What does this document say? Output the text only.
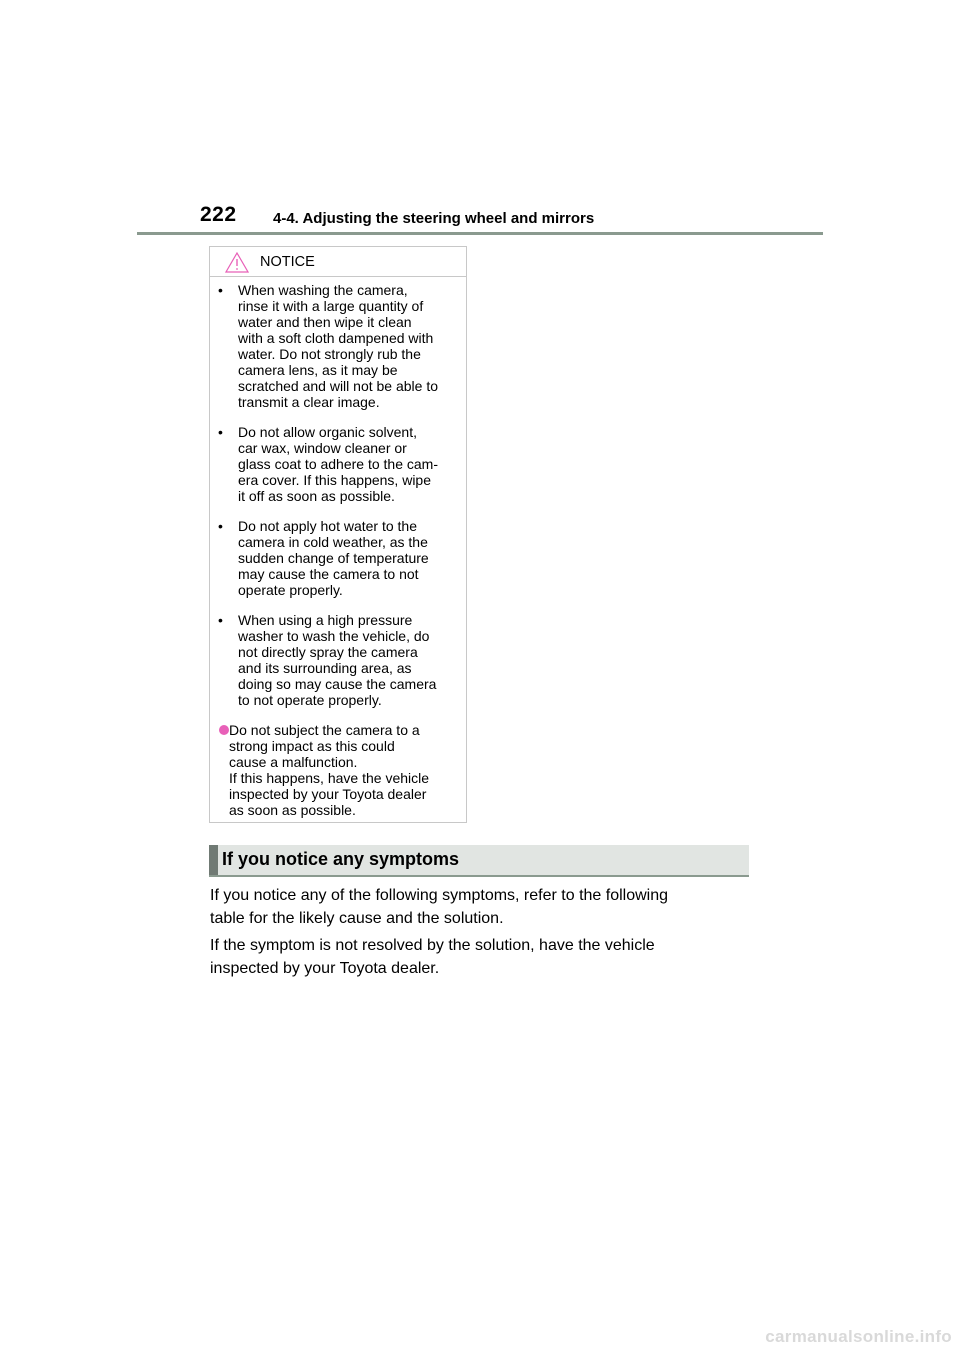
222 4-4. Adjusting the steering wheel and mirrors
NOTICE
•	When washing the camera,
rinse it with a large quantity of
water and then wipe it clean
with a soft cloth dampened with
water. Do not strongly rub the
camera lens, as it may be
scratched and will not be able to
transmit a clear image.

•	Do not allow organic solvent,
car wax, window cleaner or
glass coat to adhere to the cam-
era cover. If this happens, wipe
it off as soon as possible.

•	Do not apply hot water to the
camera in cold weather, as the
sudden change of temperature
may cause the camera to not
operate properly.

•	When using a high pressure
washer to wash the vehicle, do
not directly spray the camera
and its surrounding area, as
doing so may cause the camera
to not operate properly.

Do not subject the camera to a
strong impact as this could
cause a malfunction.
If this happens, have the vehicle
inspected by your Toyota dealer
as soon as possible.

If you notice any symptoms

If you notice any of the following symptoms, refer to the following
table for the likely cause and the solution.

If the symptom is not resolved by the solution, have the vehicle
inspected by your Toyota dealer.

carmanualsonline.info
